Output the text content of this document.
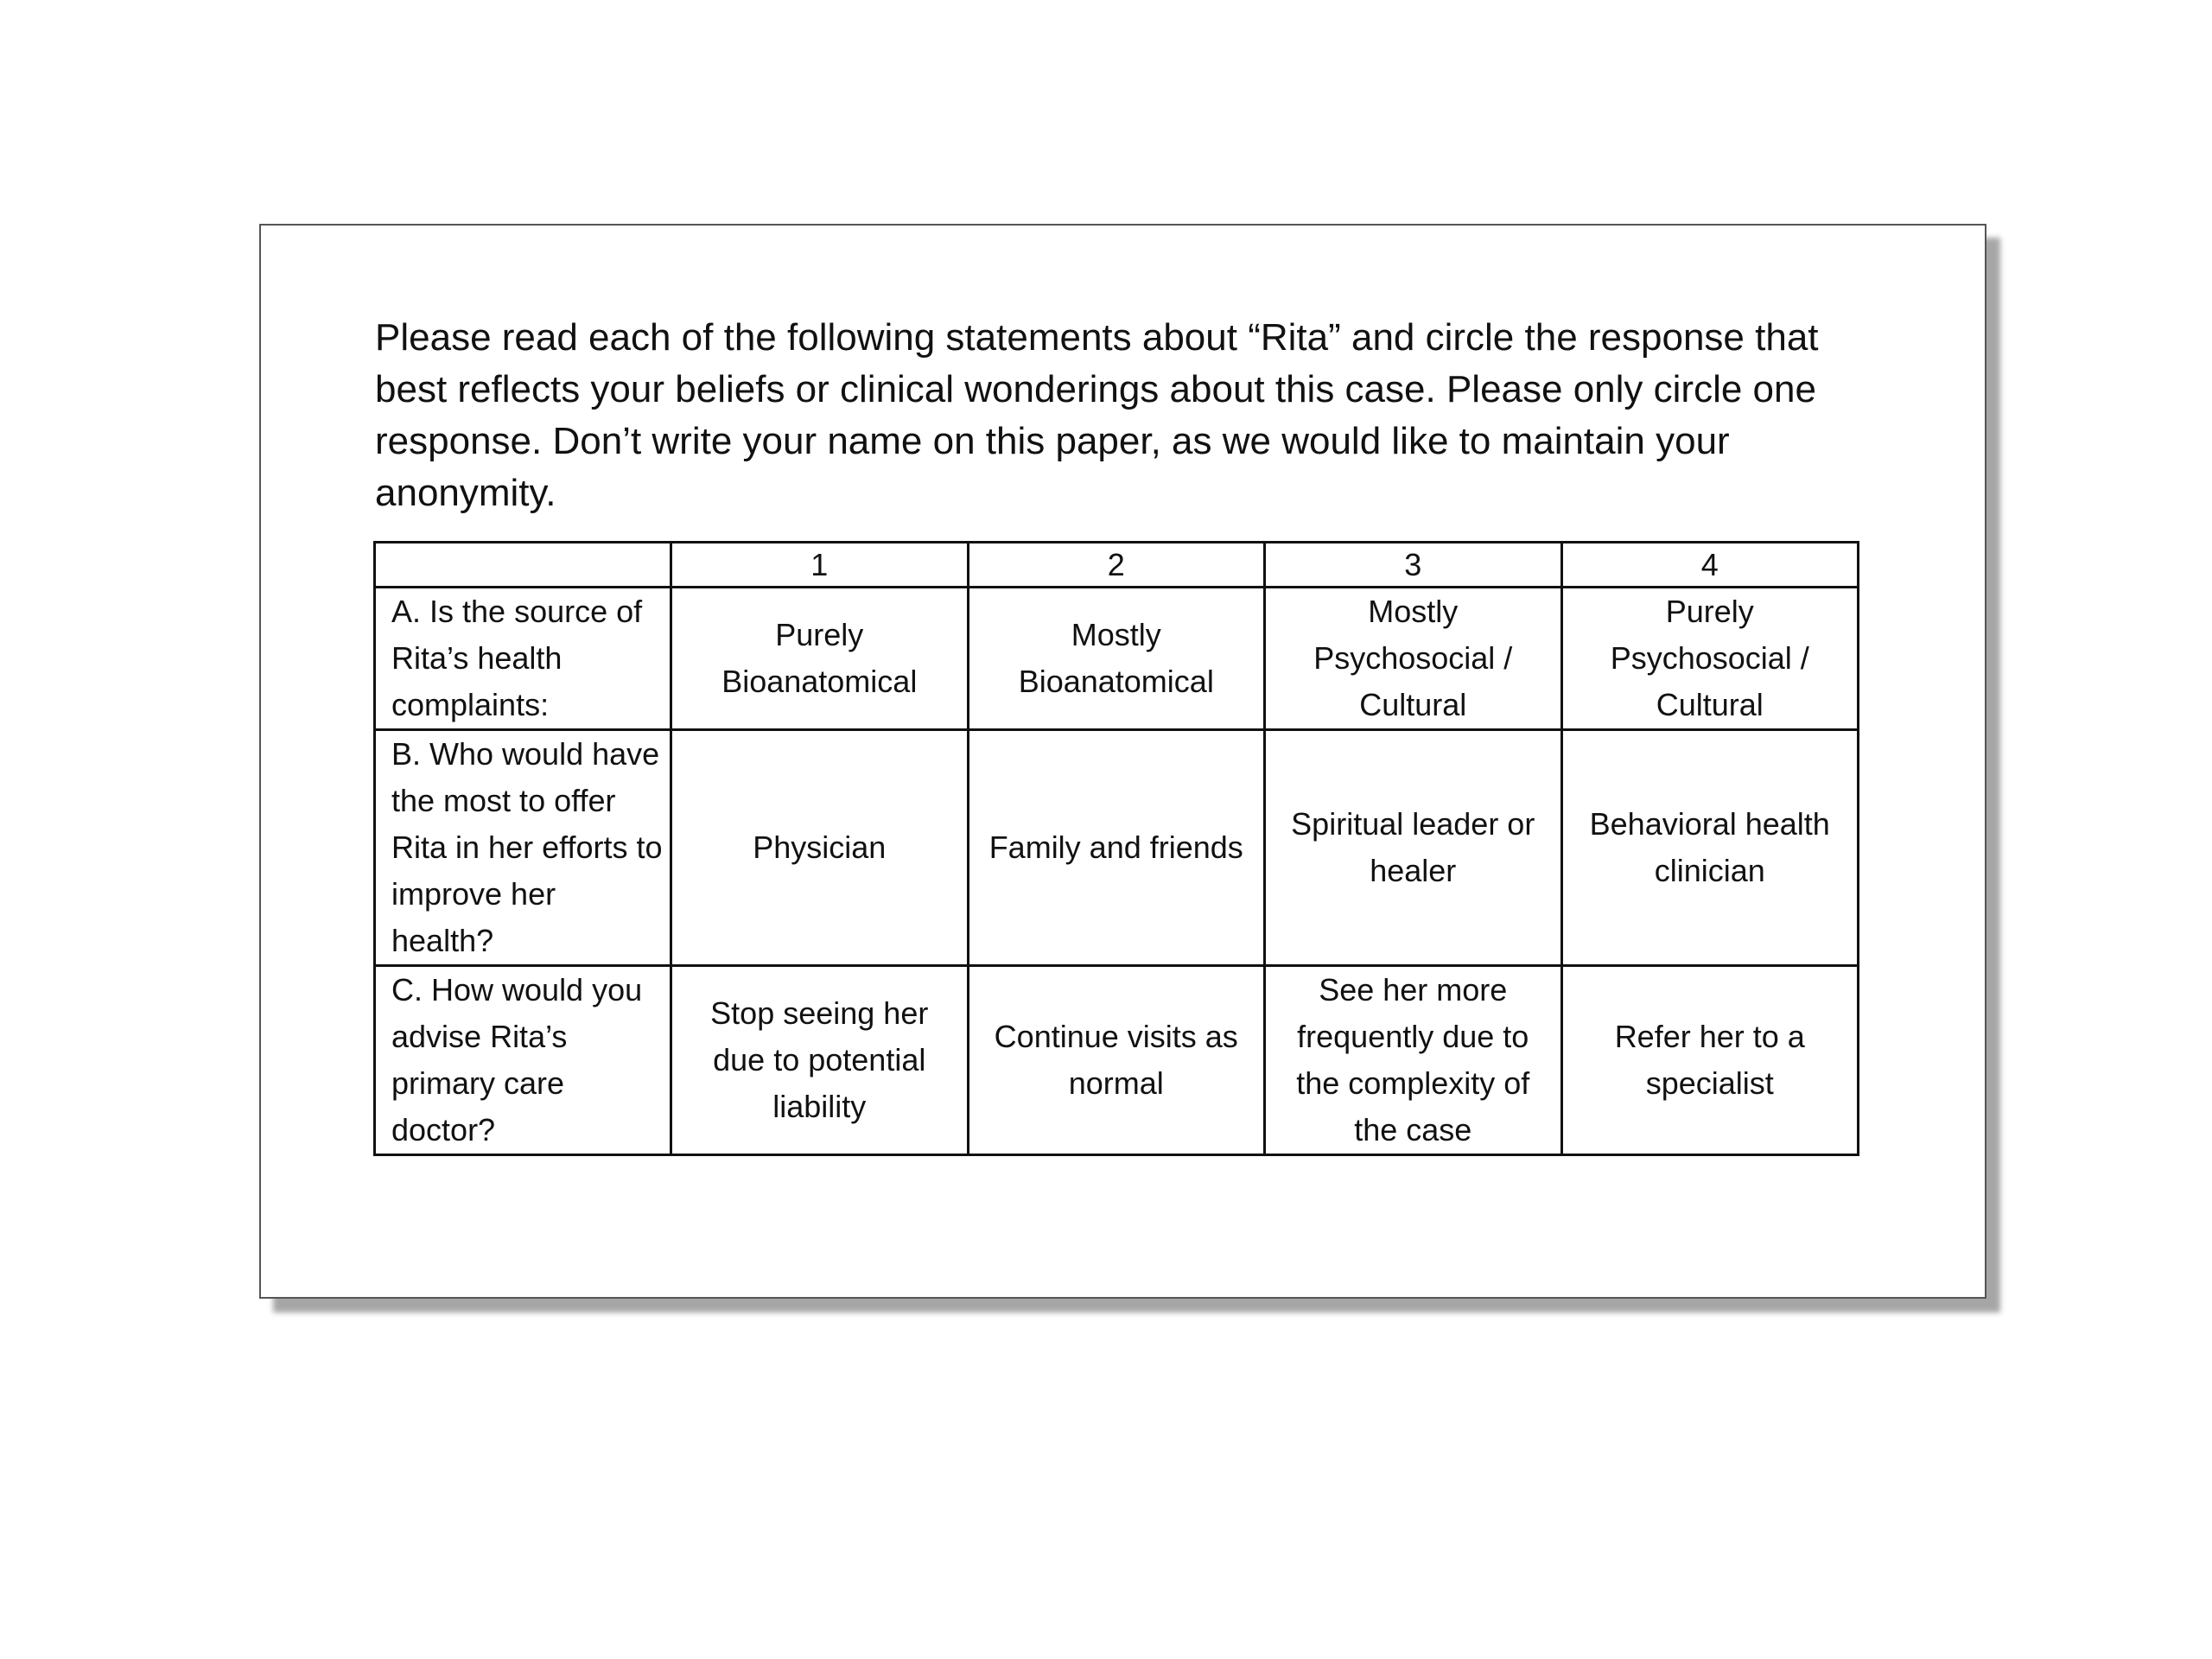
Please read each of the following statements about “Rita” and circle the response that best reflects your beliefs or clinical wonderings about this case. Please only circle one response. Don’t write your name on this paper, as we would like to maintain your anonymity.

	1	2	3	4
A. Is the source of Rita’s health complaints:	Purely Bioanatomical	Mostly Bioanatomical	Mostly Psychosocial / Cultural	Purely Psychosocial / Cultural
B. Who would have the most to offer Rita in her efforts to improve her health?	Physician	Family and friends	Spiritual leader or healer	Behavioral health clinician
C. How would you advise Rita’s primary care doctor?	Stop seeing her due to potential liability	Continue visits as normal	See her more frequently due to the complexity of the case	Refer her to a specialist
